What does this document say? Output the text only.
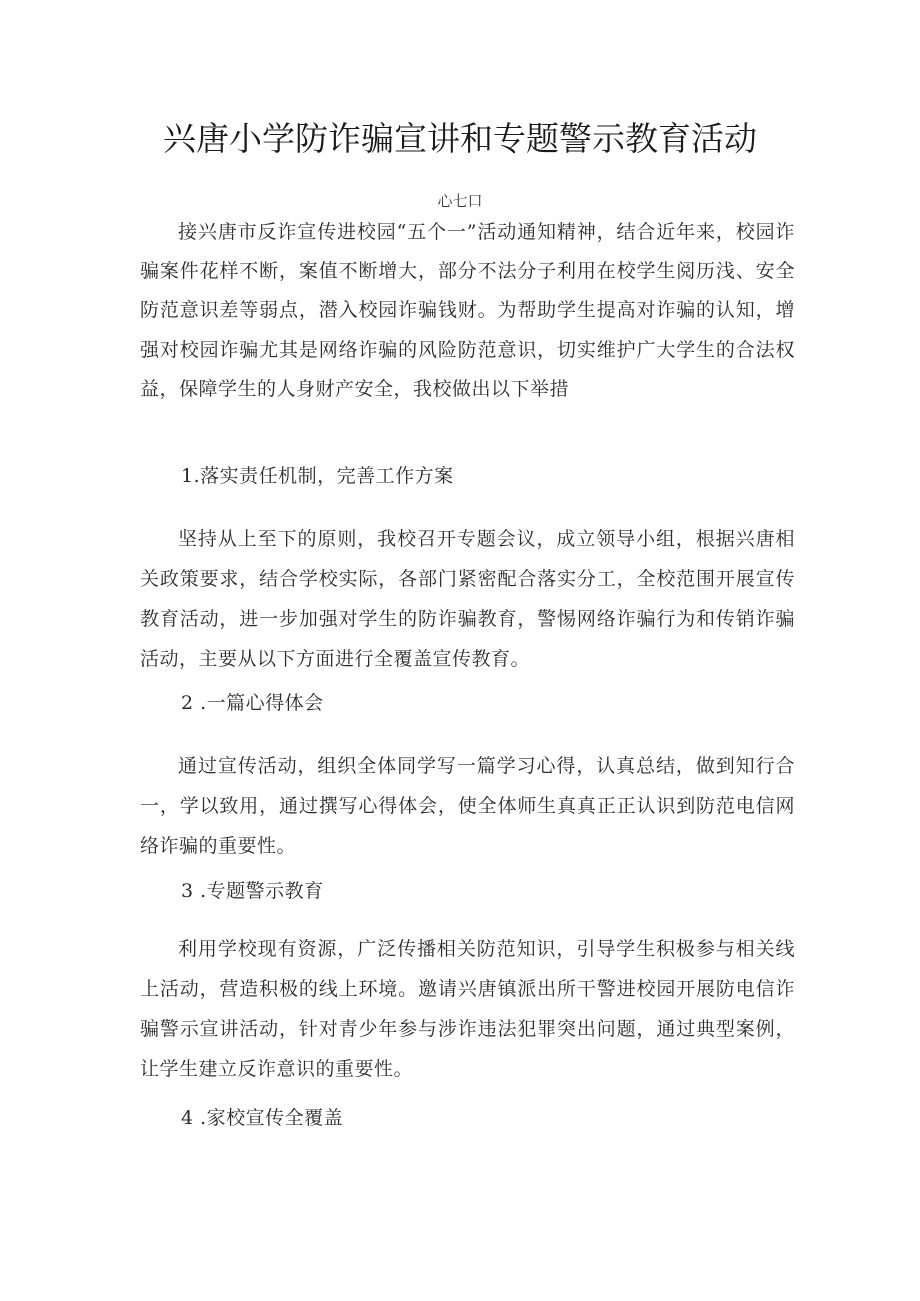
兴唐小学防诈骗宣讲和专题警示教育活动
心七口

接兴唐市反诈宣传进校园“五个一”活动通知精神，结合近年来，校园诈骗案件花样不断，案值不断增大，部分不法分子利用在校学生阅历浅、安全防范意识差等弱点，潜入校园诈骗钱财。为帮助学生提高对诈骗的认知，增强对校园诈骗尤其是网络诈骗的风险防范意识，切实维护广大学生的合法权益，保障学生的人身财产安全，我校做出以下举措

1.落实责任机制，完善工作方案

坚持从上至下的原则，我校召开专题会议，成立领导小组，根据兴唐相关政策要求，结合学校实际，各部门紧密配合落实分工，全校范围开展宣传教育活动，进一步加强对学生的防诈骗教育，警惕网络诈骗行为和传销诈骗活动，主要从以下方面进行全覆盖宣传教育。

2 .一篇心得体会

通过宣传活动，组织全体同学写一篇学习心得，认真总结，做到知行合一，学以致用，通过撰写心得体会，使全体师生真真正正认识到防范电信网络诈骗的重要性。

3 .专题警示教育

利用学校现有资源，广泛传播相关防范知识，引导学生积极参与相关线上活动，营造积极的线上环境。邀请兴唐镇派出所干警进校园开展防电信诈骗警示宣讲活动，针对青少年参与涉诈违法犯罪突出问题，通过典型案例，让学生建立反诈意识的重要性。

4 .家校宣传全覆盖
